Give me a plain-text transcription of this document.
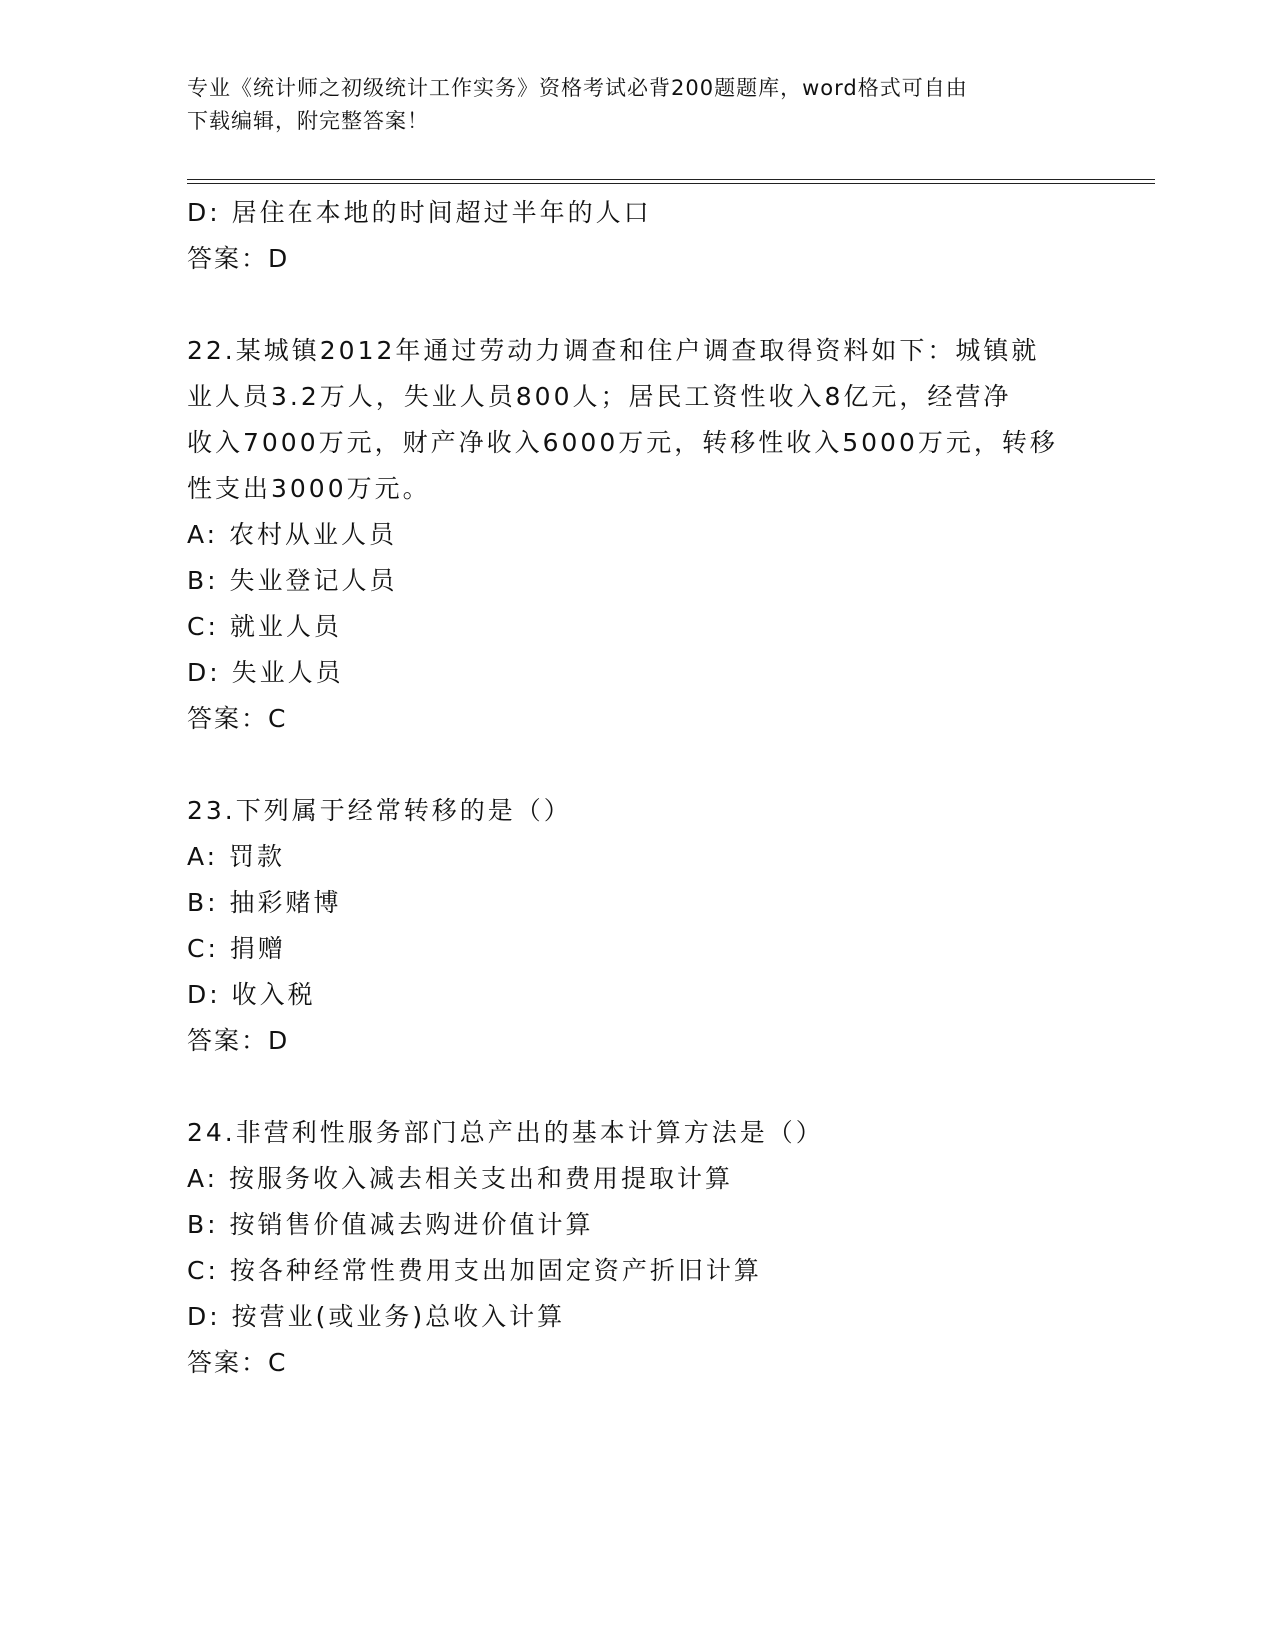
专业《统计师之初级统计工作实务》资格考试必背200题题库，word格式可自由
下载编辑，附完整答案！
D: 居住在本地的时间超过半年的人口
答案：D
22.某城镇2012年通过劳动力调查和住户调查取得资料如下：城镇就
业人员3.2万人，失业人员800人；居民工资性收入8亿元，经营净
收入7000万元，财产净收入6000万元，转移性收入5000万元，转移
性支出3000万元。
A: 农村从业人员
B: 失业登记人员
C: 就业人员
D: 失业人员
答案：C
23.下列属于经常转移的是（）
A: 罚款
B: 抽彩赌博
C: 捐赠
D: 收入税
答案：D
24.非营利性服务部门总产出的基本计算方法是（）
A: 按服务收入减去相关支出和费用提取计算
B: 按销售价值减去购进价值计算
C: 按各种经常性费用支出加固定资产折旧计算
D: 按营业(或业务)总收入计算
答案：C
